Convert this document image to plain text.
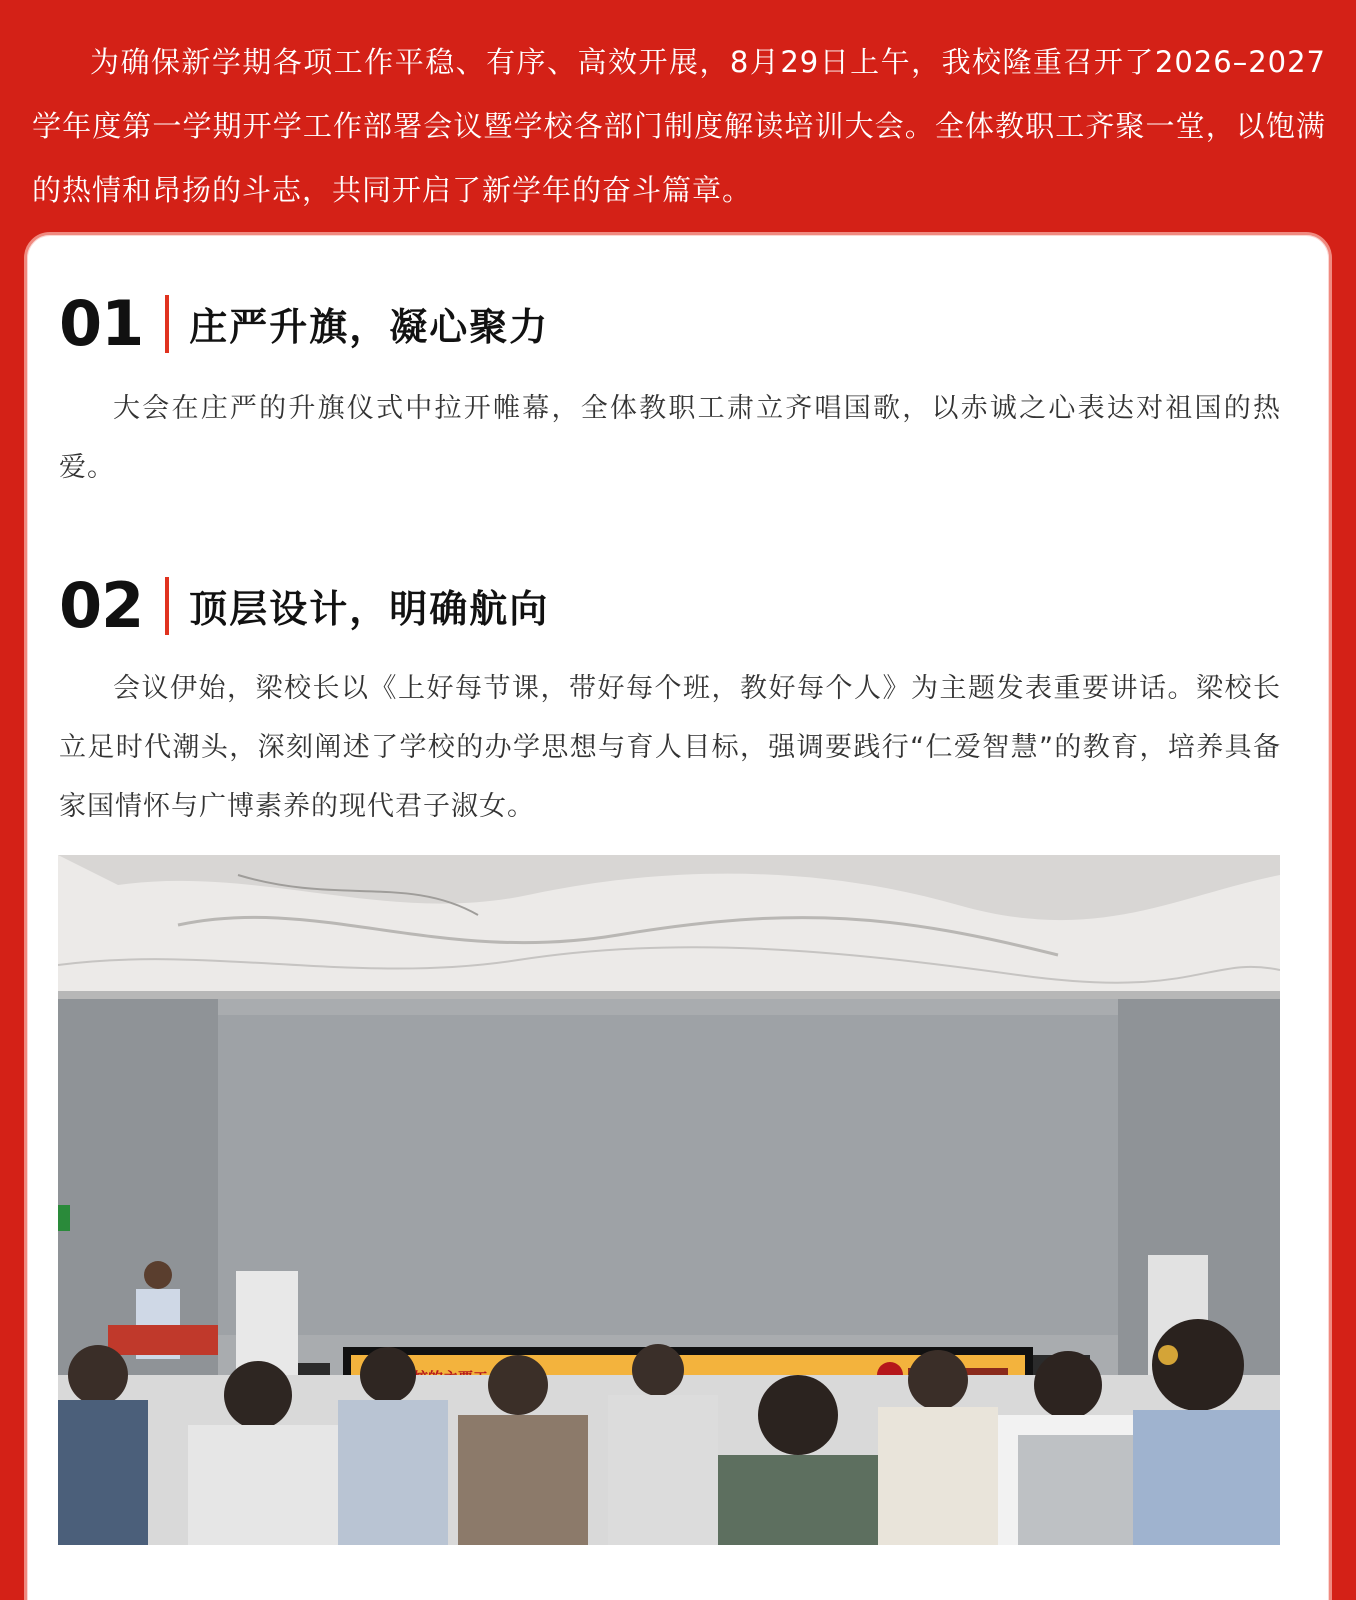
为确保新学期各项工作平稳、有序、高效开展，8月29日上午，我校隆重召开了2026–2027学年度第一学期开学工作部署会议暨学校各部门制度解读培训大会。全体教职工齐聚一堂，以饱满的热情和昂扬的斗志，共同开启了新学年的奋斗篇章。
01 庄严升旗，凝心聚力
大会在庄严的升旗仪式中拉开帷幕，全体教职工肃立齐唱国歌，以赤诚之心表达对祖国的热爱。
02 顶层设计，明确航向
会议伊始，梁校长以《上好每节课，带好每个班，教好每个人》为主题发表重要讲话。梁校长立足时代潮头，深刻阐述了学校的办学思想与育人目标，强调要践行“仁爱智慧”的教育，培养具备家国情怀与广博素养的现代君子淑女。
